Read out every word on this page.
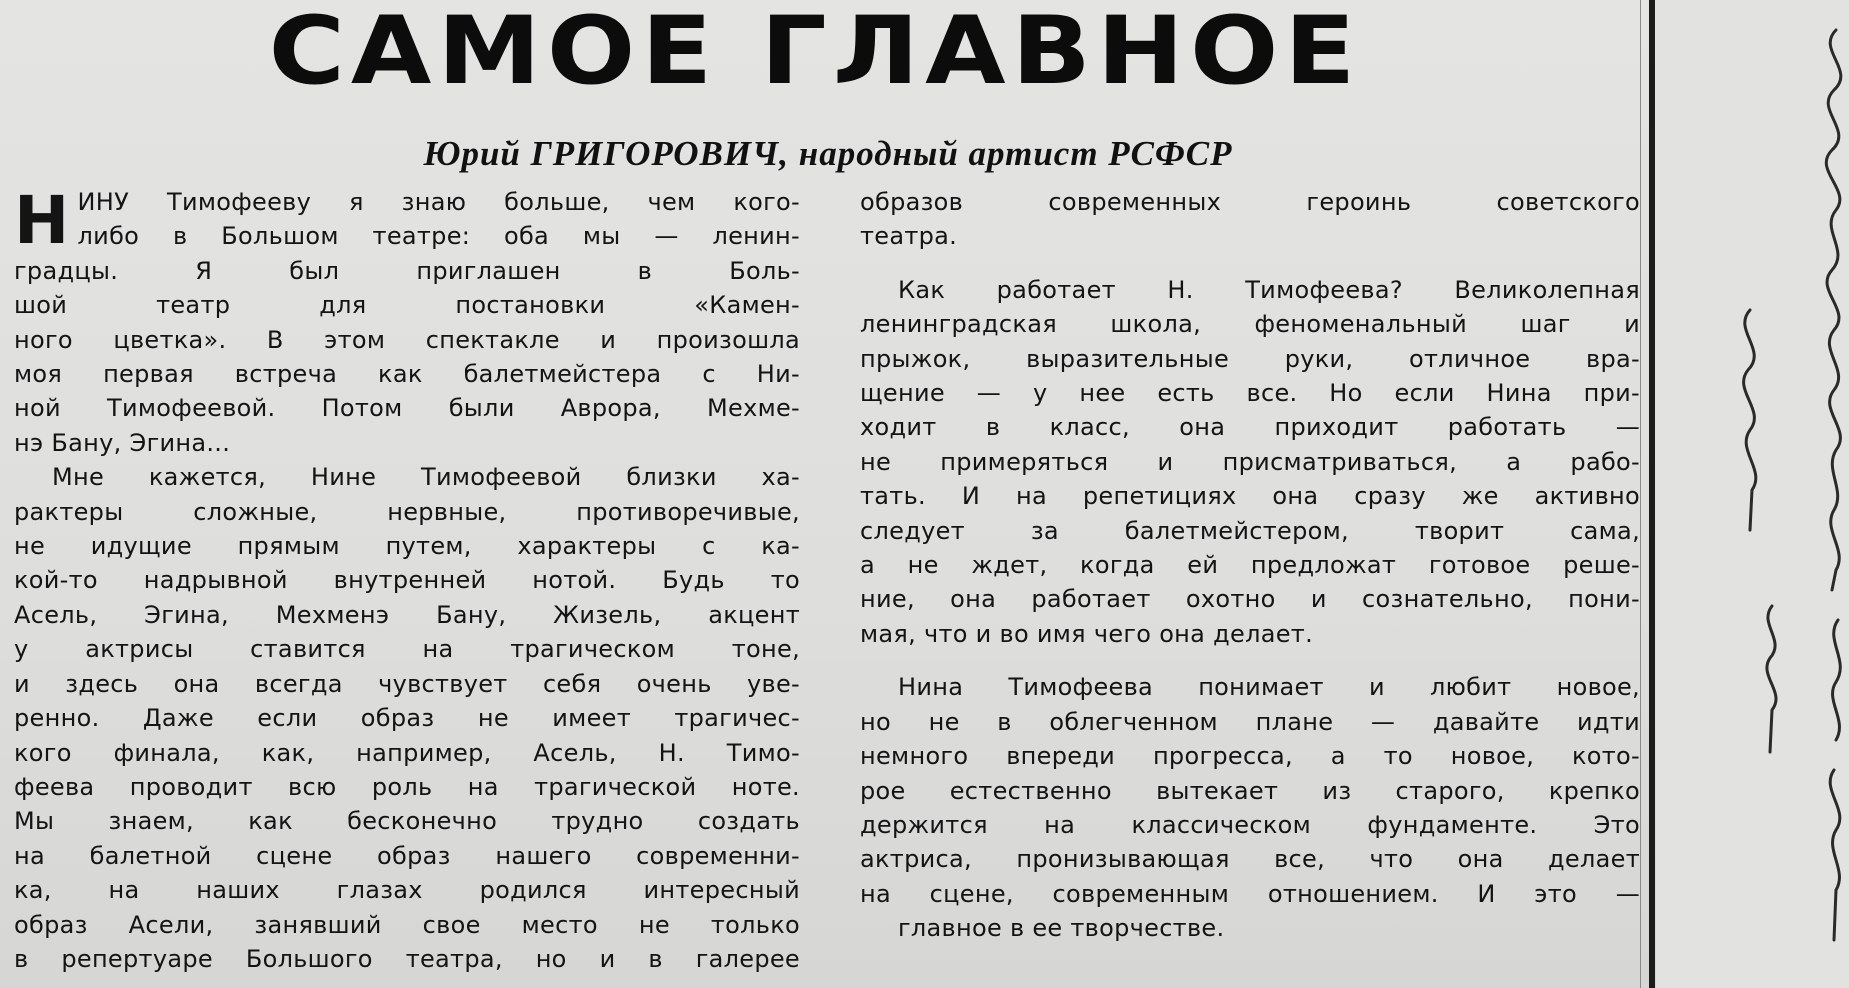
САМОЕ ГЛАВНОЕ
Юрий ГРИГОРОВИЧ, народный артист РСФСР

Н ИНУ Тимофееву я знаю больше, чем кого-
либо в Большом театре: оба мы — ленин-
градцы. Я был приглашен в Боль-
шой театр для постановки «Камен-
ного цветка». В этом спектакле и произошла
моя первая встреча как балетмейстера с Ни-
ной Тимофеевой. Потом были Аврора, Мехме-
нэ Бану, Эгина...

Мне кажется, Нине Тимофеевой близки ха-
рактеры сложные, нервные, противоречивые,
не идущие прямым путем, характеры с ка-
кой-то надрывной внутренней нотой. Будь то
Асель, Эгина, Мехменэ Бану, Жизель, акцент
у актрисы ставится на трагическом тоне,
и здесь она всегда чувствует себя очень уве-
ренно. Даже если образ не имеет трагичес-
кого финала, как, например, Асель, Н. Тимо-
феева проводит всю роль на трагической ноте.
Мы знаем, как бесконечно трудно создать
на балетной сцене образ нашего современни-
ка, на наших глазах родился интересный
образ Асели, занявший свое место не только
в репертуаре Большого театра, но и в галерее

образов современных героинь советского
театра.

Как работает Н. Тимофеева? Великолепная
ленинградская школа, феноменальный шаг и
прыжок, выразительные руки, отличное вра-
щение — у нее есть все. Но если Нина при-
ходит в класс, она приходит работать —
не примеряться и присматриваться, а рабо-
тать. И на репетициях она сразу же активно
следует за балетмейстером, творит сама,
а не ждет, когда ей предложат готовое реше-
ние, она работает охотно и сознательно, пони-
мая, что и во имя чего она делает.

Нина Тимофеева понимает и любит новое,
но не в облегченном плане — давайте идти
немного впереди прогресса, а то новое, кото-
рое естественно вытекает из старого, крепко
держится на классическом фундаменте. Это
актриса, пронизывающая все, что она делает
на сцене, современным отношением. И это —
главное в ее творчестве.
